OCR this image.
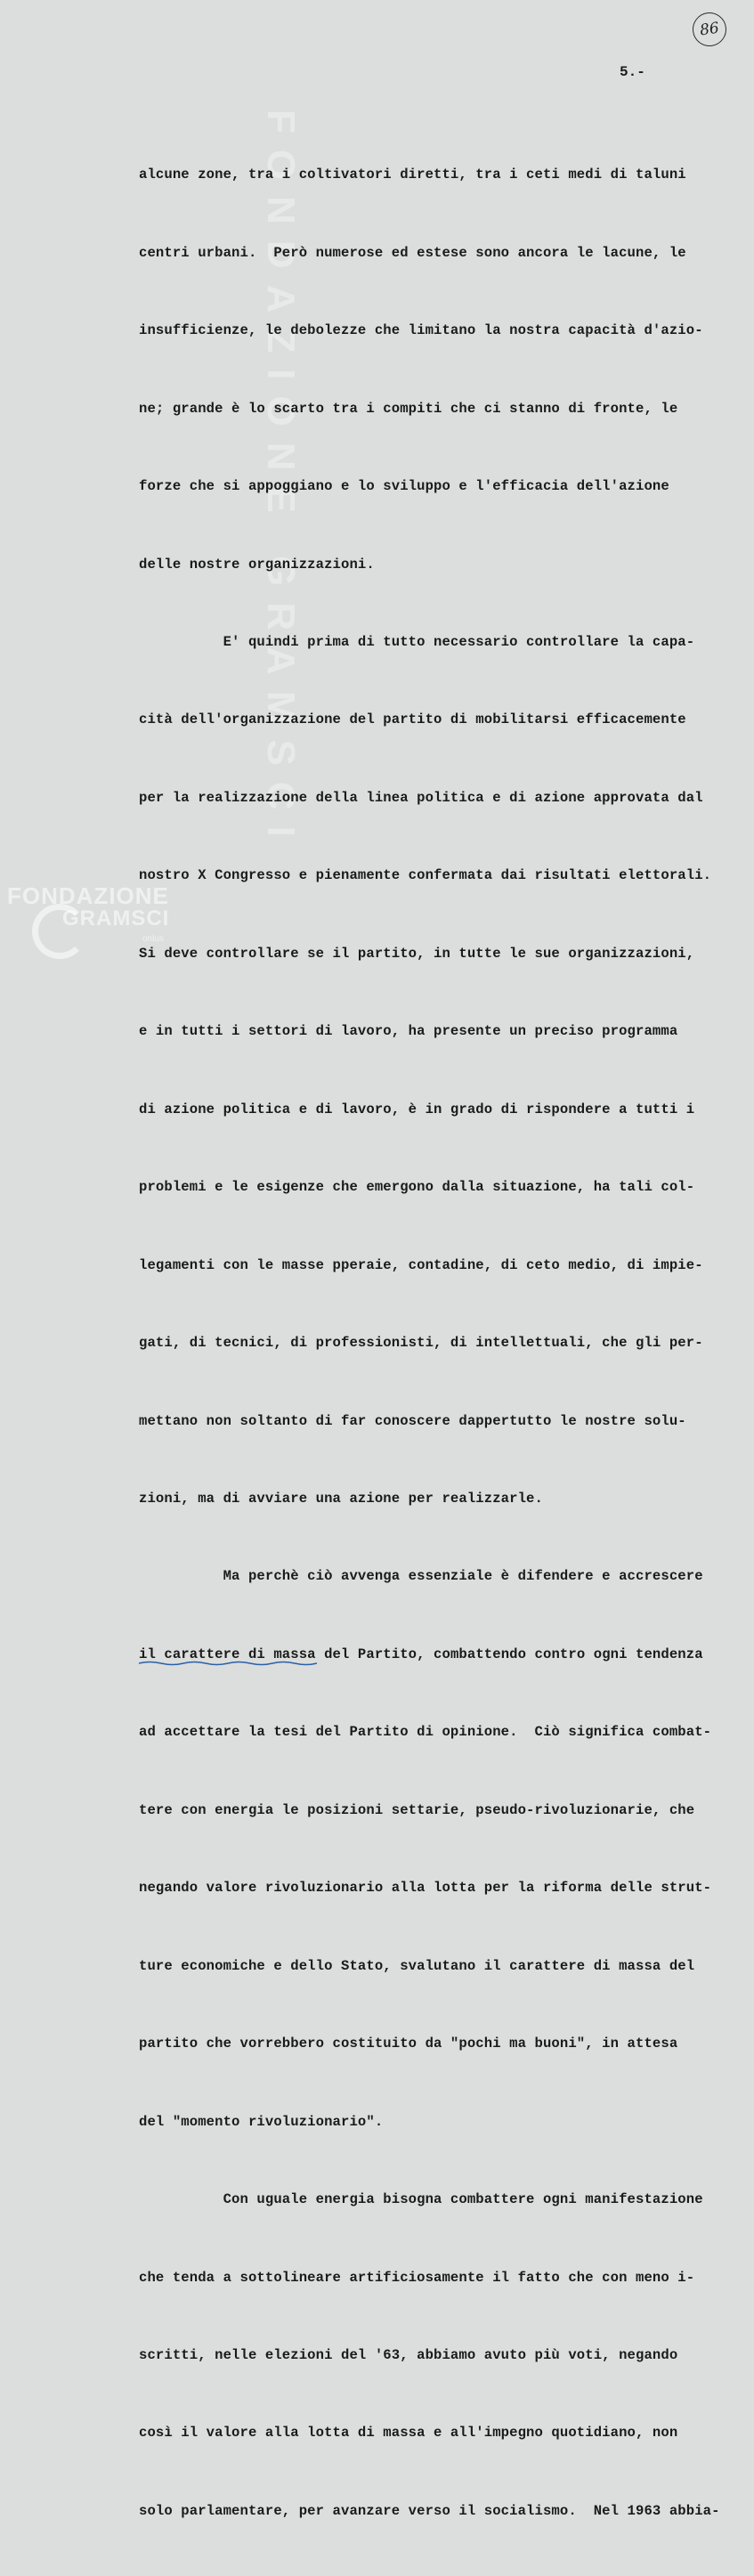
FONDAZIONE GRAMSCI
86
5.-

alcune zone, tra i coltivatori diretti, tra i ceti medi di taluni

centri urbani.  Però numerose ed estese sono ancora le lacune, le

insufficienze, le debolezze che limitano la nostra capacità d'azio-

ne; grande è lo scarto tra i compiti che ci stanno di fronte, le

forze che si appoggiano e lo sviluppo e l'efficacia dell'azione

delle nostre organizzazioni.

E' quindi prima di tutto necessario controllare la capa-

cità dell'organizzazione del partito di mobilitarsi efficacemente

per la realizzazione della linea politica e di azione approvata dal

nostro X Congresso e pienamente confermata dai risultati elettorali.

Si deve controllare se il partito, in tutte le sue organizzazioni,

e in tutti i settori di lavoro, ha presente un preciso programma

di azione politica e di lavoro, è in grado di rispondere a tutti i

problemi e le esigenze che emergono dalla situazione, ha tali col-

legamenti con le masse pperaie, contadine, di ceto medio, di impie-

gati, di tecnici, di professionisti, di intellettuali, che gli per-

mettano non soltanto di far conoscere dappertutto le nostre solu-

zioni, ma di avviare una azione per realizzarle.

Ma perchè ciò avvenga essenziale è difendere e accrescere

il carattere di massa
del Partito, combattendo contro ogni tendenza

ad accettare la tesi del Partito di opinione.  Ciò significa combat-

tere con energia le posizioni settarie, pseudo-rivoluzionarie, che

negando valore rivoluzionario alla lotta per la riforma delle strut-

ture economiche e dello Stato, svalutano il carattere di massa del

partito che vorrebbero costituito da "pochi ma buoni", in attesa

del "momento rivoluzionario".

Con uguale energia bisogna combattere ogni manifestazione

che tenda a sottolineare artificiosamente il fatto che con meno i-

scritti, nelle elezioni del '63, abbiamo avuto più voti, negando

così il valore alla lotta di massa e all'impegno quotidiano, non

solo parlamentare, per avanzare verso il socialismo.  Nel 1963 abbia-

FONDAZIONE
GRAMSCI
onlus
